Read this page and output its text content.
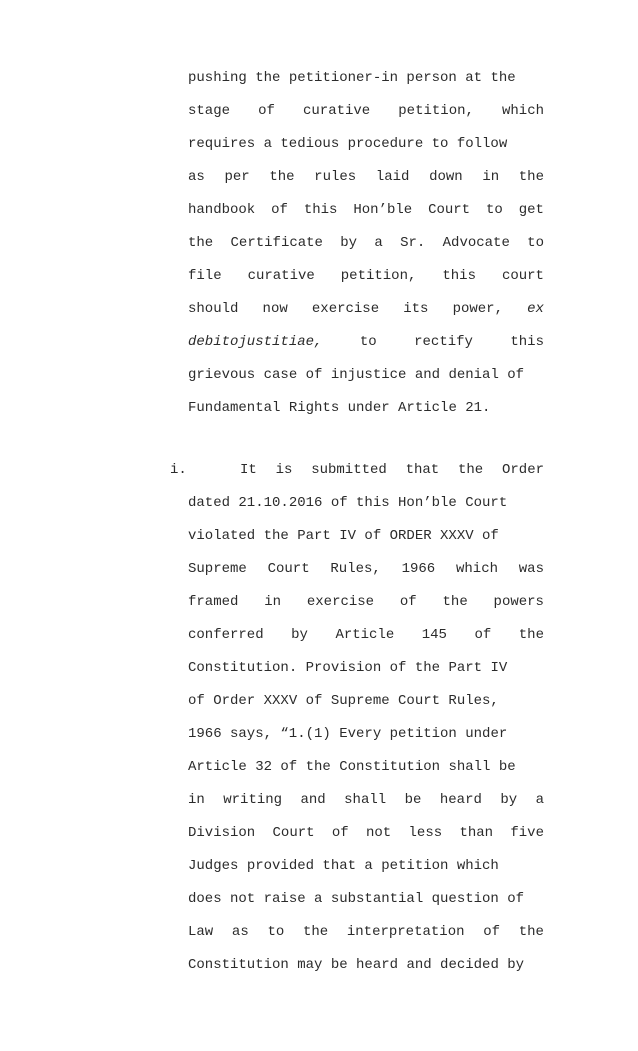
pushing the petitioner-in person at the
stage of curative petition, which
requires a tedious procedure to follow
as per the rules laid down in the
handbook of this Hon’ble Court to get
the Certificate by a Sr. Advocate to
file curative petition, this court
should now exercise its power, ex
debitojustitiae,	to	rectify	this
grievous case of injustice and denial of
Fundamental Rights under Article 21.
i.	It is submitted that the Order
dated 21.10.2016 of this Hon’ble Court
violated the Part IV of ORDER XXXV of
Supreme Court Rules, 1966 which was
framed in exercise of the powers
conferred by Article 145 of the
Constitution. Provision of the Part IV
of Order XXXV of Supreme Court Rules,
1966 says, “1.(1) Every petition under
Article 32 of the Constitution shall be
in writing and shall be heard by a
Division Court of not less than five
Judges provided that a petition which
does not raise a substantial question of
Law as to the interpretation of the
Constitution may be heard and decided by
